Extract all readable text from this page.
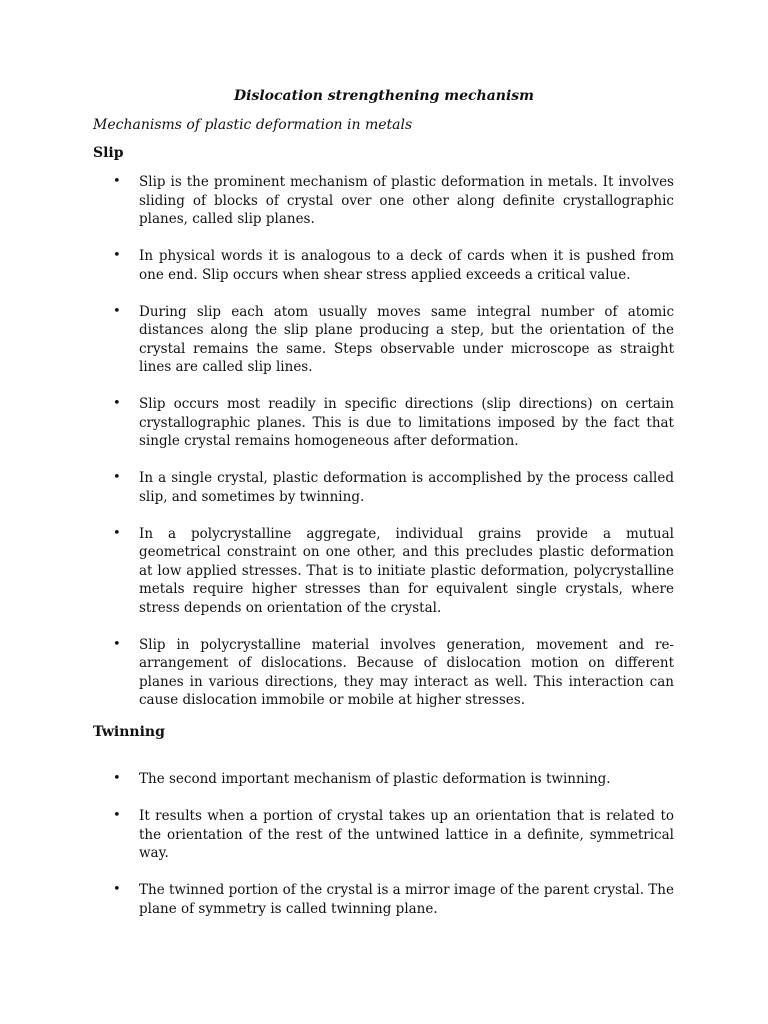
Dislocation strengthening mechanism
Mechanisms of plastic deformation in metals
Slip
• Slip is the prominent mechanism of plastic deformation in metals. It involves sliding of blocks of crystal over one other along definite crystallographic planes, called slip planes.
• In physical words it is analogous to a deck of cards when it is pushed from one end. Slip occurs when shear stress applied exceeds a critical value.
• During slip each atom usually moves same integral number of atomic distances along the slip plane producing a step, but the orientation of the crystal remains the same. Steps observable under microscope as straight lines are called slip lines.
• Slip occurs most readily in specific directions (slip directions) on certain crystallographic planes. This is due to limitations imposed by the fact that single crystal remains homogeneous after deformation.
• In a single crystal, plastic deformation is accomplished by the process called slip, and sometimes by twinning.
• In a polycrystalline aggregate, individual grains provide a mutual geometrical constraint on one other, and this precludes plastic deformation at low applied stresses. That is to initiate plastic deformation, polycrystalline metals require higher stresses than for equivalent single crystals, where stress depends on orientation of the crystal.
• Slip in polycrystalline material involves generation, movement and re-arrangement of dislocations. Because of dislocation motion on different planes in various directions, they may interact as well. This interaction can cause dislocation immobile or mobile at higher stresses.
Twinning
• The second important mechanism of plastic deformation is twinning.
• It results when a portion of crystal takes up an orientation that is related to the orientation of the rest of the untwined lattice in a definite, symmetrical way.
• The twinned portion of the crystal is a mirror image of the parent crystal. The plane of symmetry is called twinning plane.
